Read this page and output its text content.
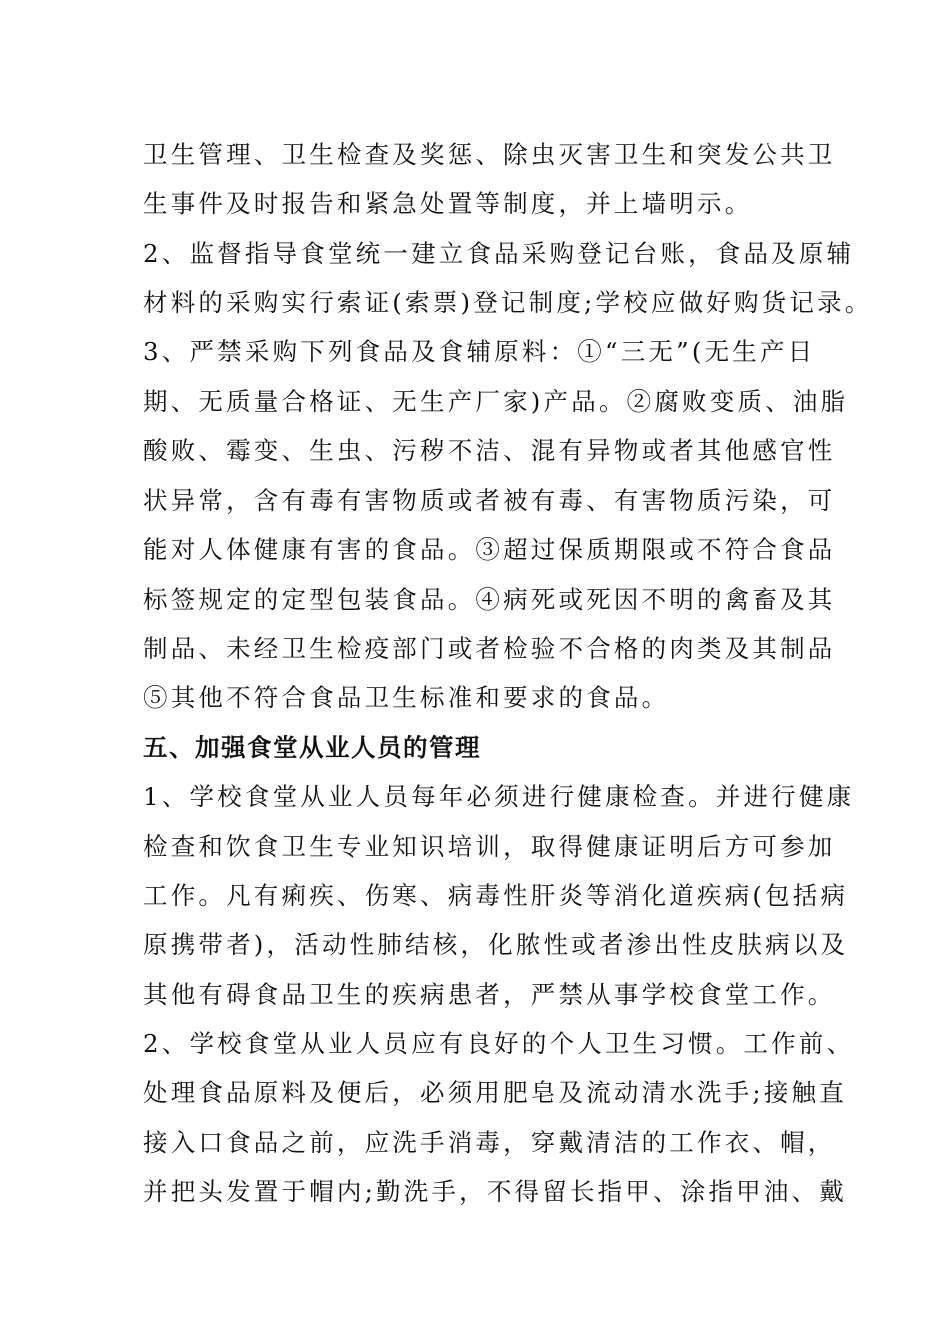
卫生管理、卫生检查及奖惩、除虫灭害卫生和突发公共卫
生事件及时报告和紧急处置等制度，并上墙明示。
2、监督指导食堂统一建立食品采购登记台账，食品及原辅
材料的采购实行索证(索票)登记制度;学校应做好购货记录。
3、严禁采购下列食品及食辅原料：①“三无”(无生产日
期、无质量合格证、无生产厂家)产品。②腐败变质、油脂
酸败、霉变、生虫、污秽不洁、混有异物或者其他感官性
状异常，含有毒有害物质或者被有毒、有害物质污染，可
能对人体健康有害的食品。③超过保质期限或不符合食品
标签规定的定型包装食品。④病死或死因不明的禽畜及其
制品、未经卫生检疫部门或者检验不合格的肉类及其制品
⑤其他不符合食品卫生标准和要求的食品。
五、加强食堂从业人员的管理
1、学校食堂从业人员每年必须进行健康检查。并进行健康
检查和饮食卫生专业知识培训，取得健康证明后方可参加
工作。凡有痢疾、伤寒、病毒性肝炎等消化道疾病(包括病
原携带者)，活动性肺结核，化脓性或者渗出性皮肤病以及
其他有碍食品卫生的疾病患者，严禁从事学校食堂工作。
2、学校食堂从业人员应有良好的个人卫生习惯。工作前、
处理食品原料及便后，必须用肥皂及流动清水洗手;接触直
接入口食品之前，应洗手消毒，穿戴清洁的工作衣、帽，
并把头发置于帽内;勤洗手，不得留长指甲、涂指甲油、戴
